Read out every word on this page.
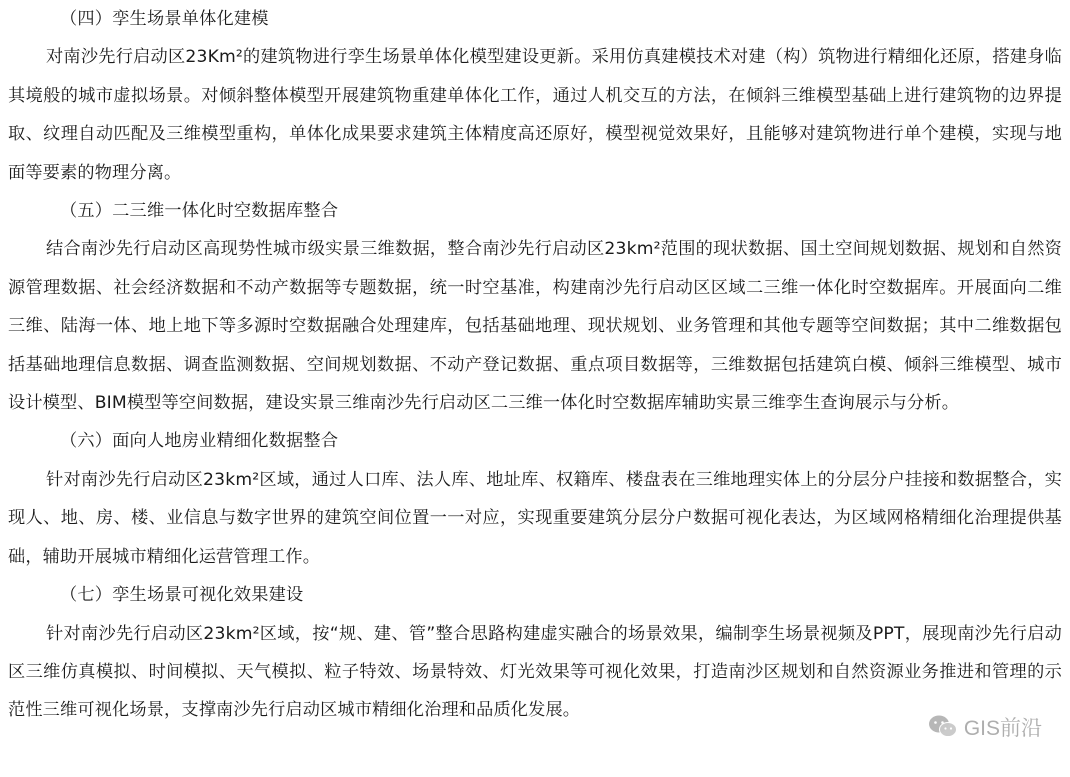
（四）孪生场景单体化建模

对南沙先行启动区23Km²的建筑物进行孪生场景单体化模型建设更新。采用仿真建模技术对建（构）筑物进行精细化还原，搭建身临其境般的城市虚拟场景。对倾斜整体模型开展建筑物重建单体化工作，通过人机交互的方法，在倾斜三维模型基础上进行建筑物的边界提取、纹理自动匹配及三维模型重构，单体化成果要求建筑主体精度高还原好，模型视觉效果好，且能够对建筑物进行单个建模，实现与地面等要素的物理分离。

（五）二三维一体化时空数据库整合

结合南沙先行启动区高现势性城市级实景三维数据，整合南沙先行启动区23km²范围的现状数据、国土空间规划数据、规划和自然资源管理数据、社会经济数据和不动产数据等专题数据，统一时空基准，构建南沙先行启动区区域二三维一体化时空数据库。开展面向二维三维、陆海一体、地上地下等多源时空数据融合处理建库，包括基础地理、现状规划、业务管理和其他专题等空间数据；其中二维数据包括基础地理信息数据、调查监测数据、空间规划数据、不动产登记数据、重点项目数据等，三维数据包括建筑白模、倾斜三维模型、城市设计模型、BIM模型等空间数据，建设实景三维南沙先行启动区二三维一体化时空数据库辅助实景三维孪生查询展示与分析。

（六）面向人地房业精细化数据整合

针对南沙先行启动区23km²区域，通过人口库、法人库、地址库、权籍库、楼盘表在三维地理实体上的分层分户挂接和数据整合，实现人、地、房、楼、业信息与数字世界的建筑空间位置一一对应，实现重要建筑分层分户数据可视化表达，为区域网格精细化治理提供基础，辅助开展城市精细化运营管理工作。

（七）孪生场景可视化效果建设

针对南沙先行启动区23km²区域，按“规、建、管”整合思路构建虚实融合的场景效果，编制孪生场景视频及PPT，展现南沙先行启动区三维仿真模拟、时间模拟、天气模拟、粒子特效、场景特效、灯光效果等可视化效果，打造南沙区规划和自然资源业务推进和管理的示范性三维可视化场景，支撑南沙先行启动区城市精细化治理和品质化发展。

GIS前沿
